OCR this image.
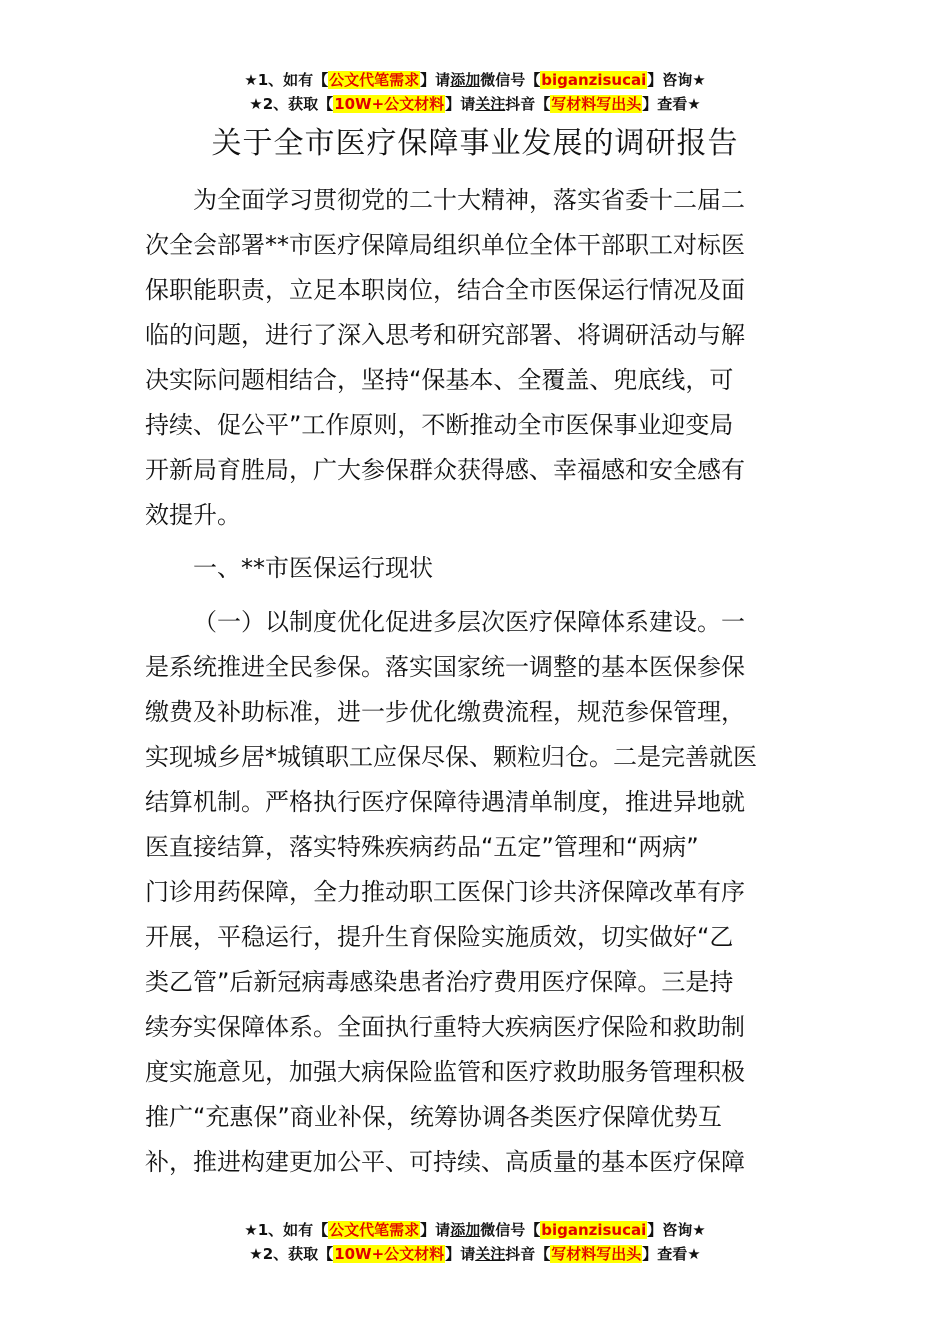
★1、如有【公文代笔需求】请添加微信号【biganzisucai】咨询★
★2、获取【10W+公文材料】请关注抖音【写材料写出头】查看★
关于全市医疗保障事业发展的调研报告
为全面学习贯彻党的二十大精神，落实省委十二届二
次全会部署**市医疗保障局组织单位全体干部职工对标医
保职能职责，立足本职岗位，结合全市医保运行情况及面
临的问题，进行了深入思考和研究部署、将调研活动与解
决实际问题相结合，坚持“保基本、全覆盖、兜底线，可
持续、促公平”工作原则，不断推动全市医保事业迎变局
开新局育胜局，广大参保群众获得感、幸福感和安全感有
效提升。
一、**市医保运行现状
（一）以制度优化促进多层次医疗保障体系建设。一
是系统推进全民参保。落实国家统一调整的基本医保参保
缴费及补助标准，进一步优化缴费流程，规范参保管理，
实现城乡居*城镇职工应保尽保、颗粒归仓。二是完善就医
结算机制。严格执行医疗保障待遇清单制度，推进异地就
医直接结算，落实特殊疾病药品“五定”管理和“两病”
门诊用药保障，全力推动职工医保门诊共济保障改革有序
开展，平稳运行，提升生育保险实施质效，切实做好“乙
类乙管”后新冠病毒感染患者治疗费用医疗保障。三是持
续夯实保障体系。全面执行重特大疾病医疗保险和救助制
度实施意见，加强大病保险监管和医疗救助服务管理积极
推广“充惠保”商业补保，统筹协调各类医疗保障优势互
补，推进构建更加公平、可持续、高质量的基本医疗保障
★1、如有【公文代笔需求】请添加微信号【biganzisucai】咨询★
★2、获取【10W+公文材料】请关注抖音【写材料写出头】查看★
